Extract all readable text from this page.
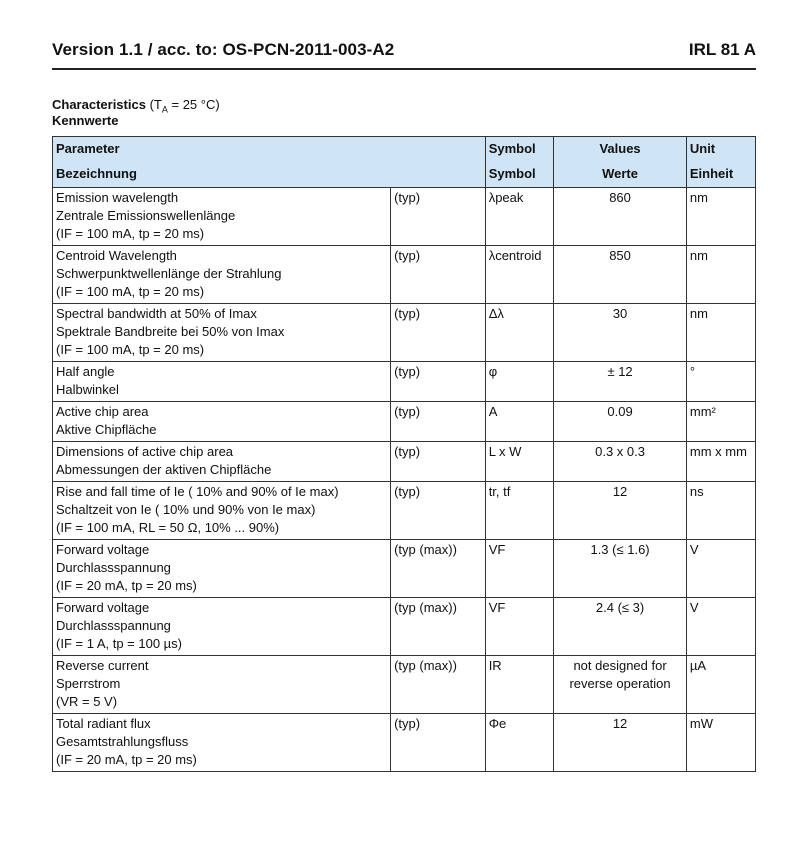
Version 1.1 / acc. to: OS-PCN-2011-003-A2	IRL 81 A
Characteristics ($T_A = 25$ °C)
Kennwerte
Parameter		Symbol	Values	Unit
Bezeichnung		Symbol	Werte	Einheit

Emission wavelength
Zentrale Emissionswellenlänge
(IF = 100 mA, tp = 20 ms)	(typ)	λpeak	860	nm

Centroid Wavelength
Schwerpunktwellenlänge der Strahlung
(IF = 100 mA, tp = 20 ms)	(typ)	λcentroid	850	nm

Spectral bandwidth at 50% of Imax
Spektrale Bandbreite bei 50% von Imax
(IF = 100 mA, tp = 20 ms)	(typ)	Δλ	30	nm

Half angle
Halbwinkel	(typ)	φ	± 12	°

Active chip area
Aktive Chipfläche	(typ)	A	0.09	mm²

Dimensions of active chip area
Abmessungen der aktiven Chipfläche	(typ)	L x W	0.3 x 0.3	mm x mm

Rise and fall time of Ie ( 10% and 90% of Ie max)
Schaltzeit von Ie ( 10% und 90% von Ie max)
(IF = 100 mA, RL = 50 Ω, 10% ... 90%)	(typ)	tr, tf	12	ns

Forward voltage
Durchlassspannung
(IF = 20 mA, tp = 20 ms)	(typ (max))	VF	1.3 (≤ 1.6)	V

Forward voltage
Durchlassspannung
(IF = 1 A, tp = 100 µs)	(typ (max))	VF	2.4 (≤ 3)	V

Reverse current
Sperrstrom
(VR = 5 V)	(typ (max))	IR	not designed for reverse operation	µA

Total radiant flux
Gesamtstrahlungsfluss
(IF = 20 mA, tp = 20 ms)	(typ)	Φe	12	mW
